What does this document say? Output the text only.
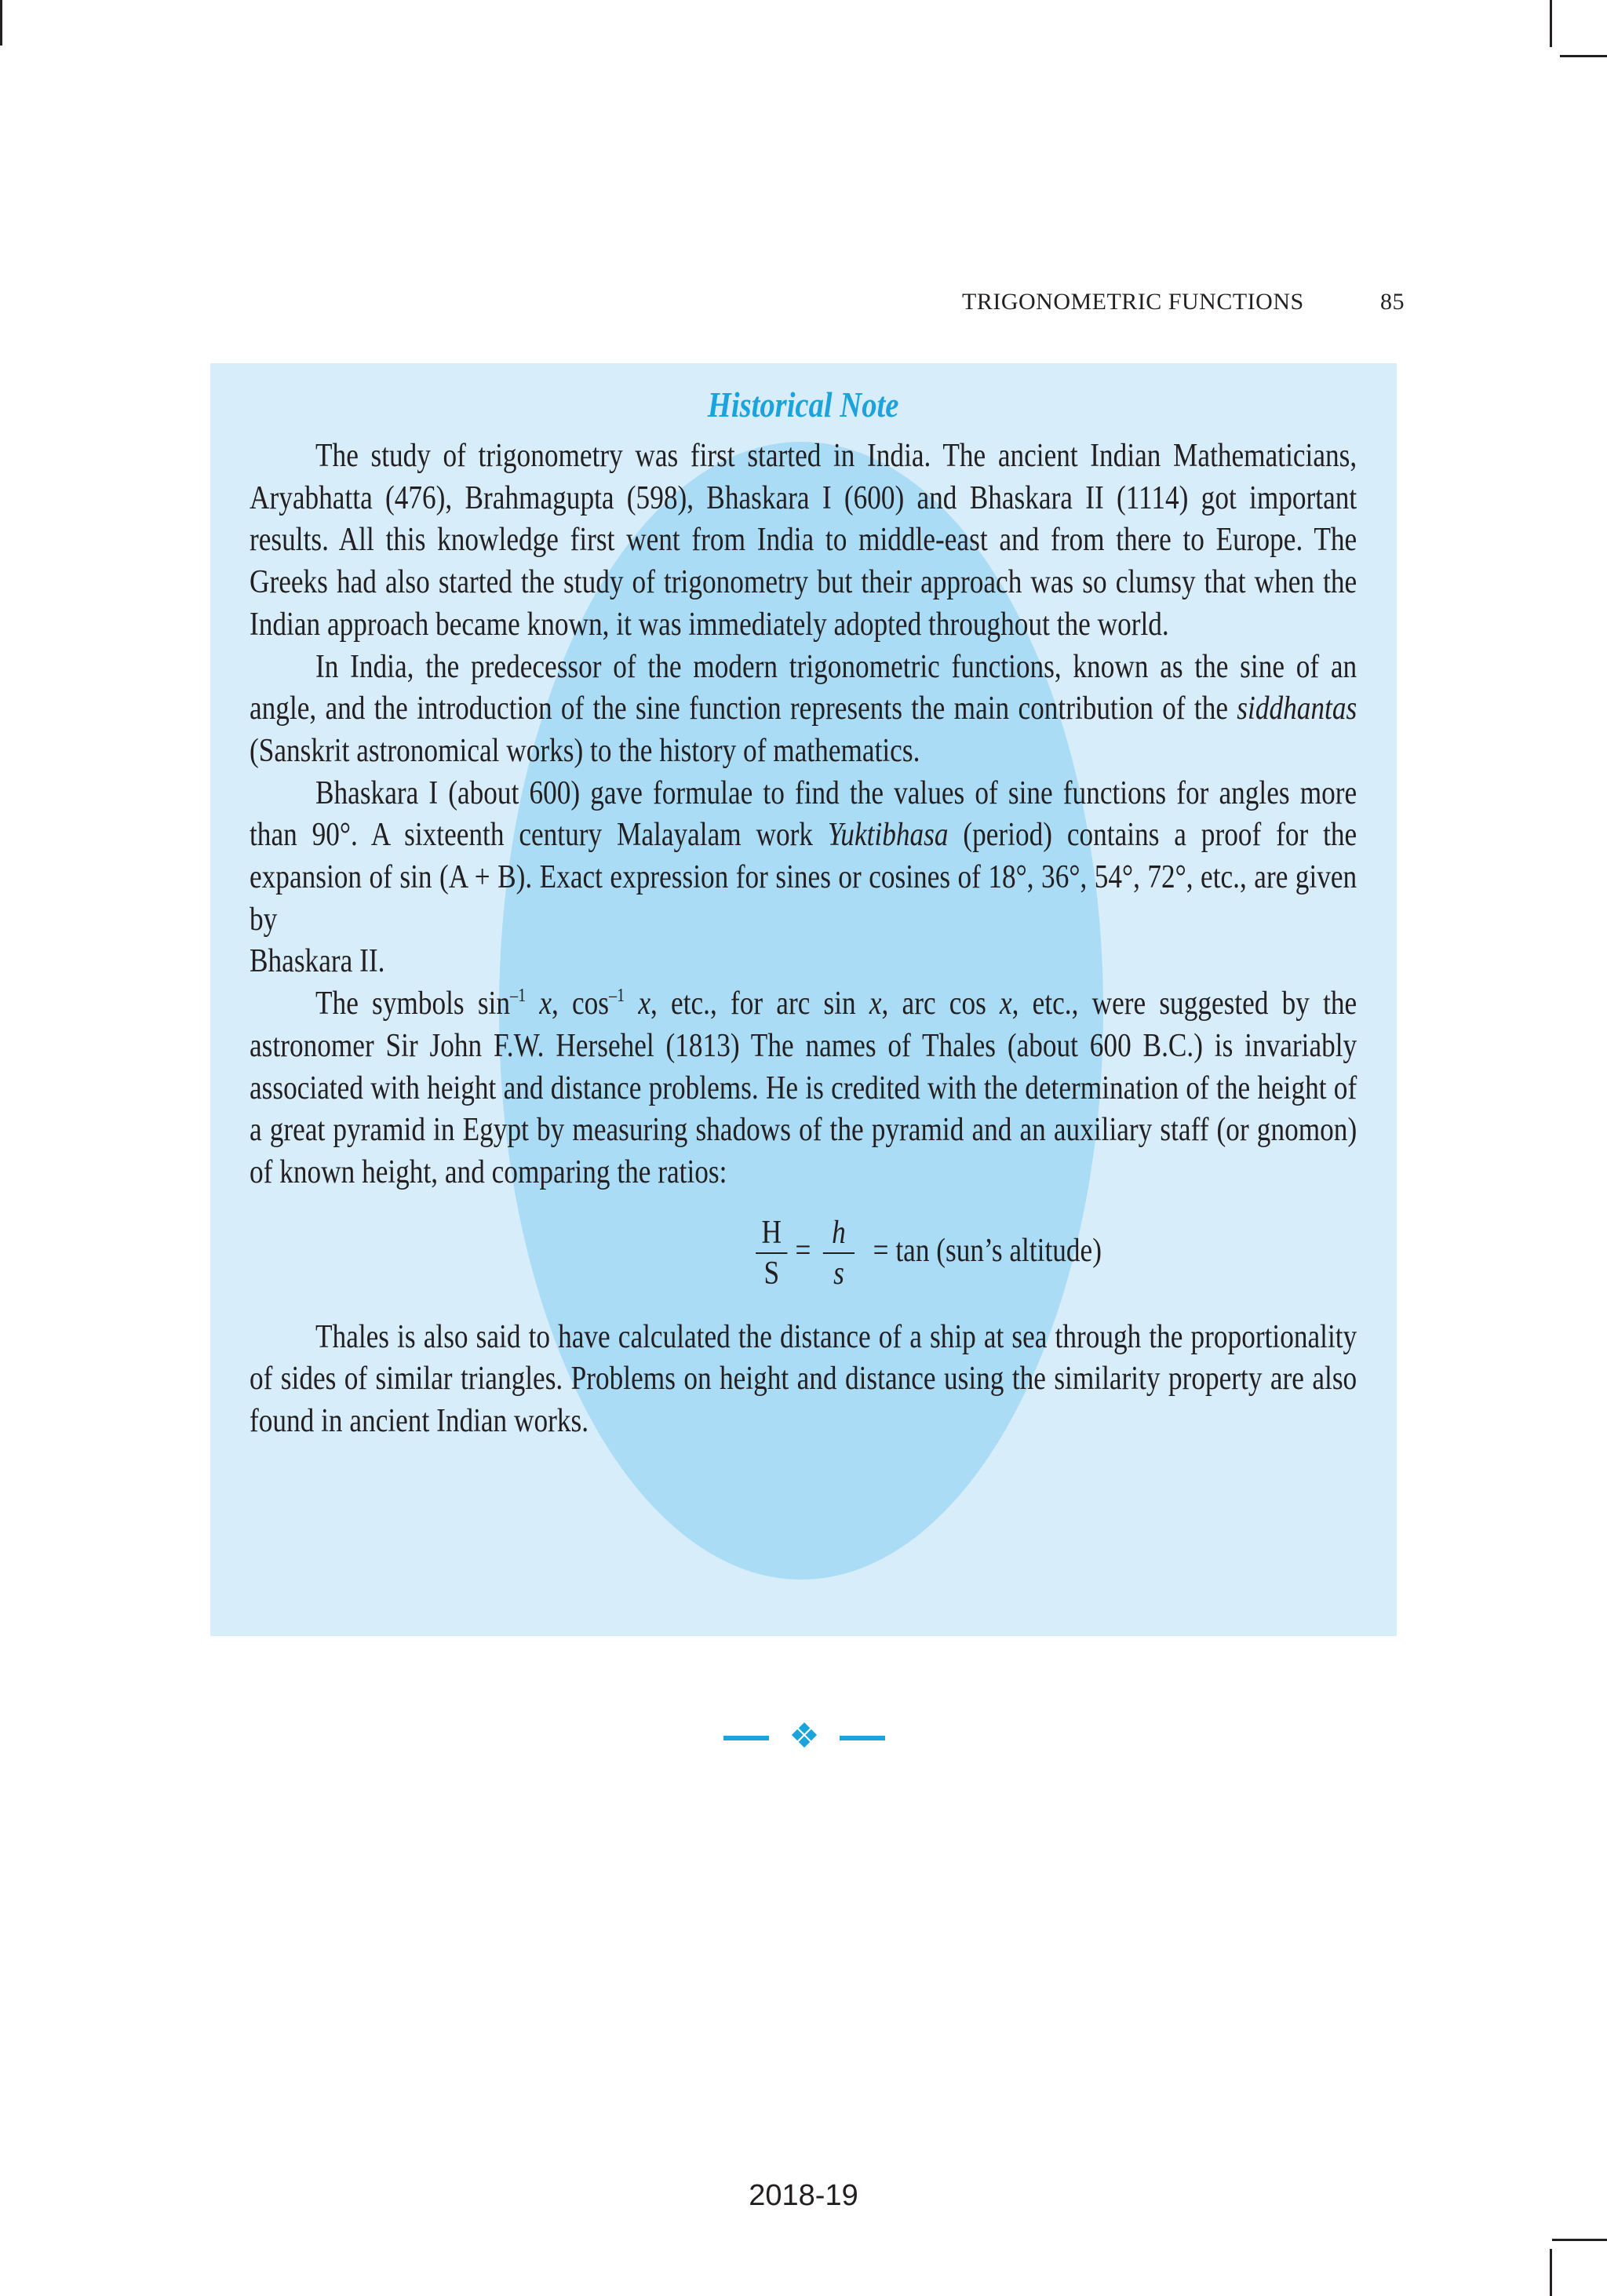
TRIGONOMETRIC FUNCTIONS	85
Historical Note

The study of trigonometry was first started in India. The ancient Indian Mathematicians, Aryabhatta (476), Brahmagupta (598), Bhaskara I (600) and Bhaskara II (1114) got important results. All this knowledge first went from India to middle-east and from there to Europe. The Greeks had also started the study of trigonometry but their approach was so clumsy that when the Indian approach became known, it was immediately adopted throughout the world.

In India, the predecessor of the modern trigonometric functions, known as the sine of an angle, and the introduction of the sine function represents the main contribution of the siddhantas (Sanskrit astronomical works) to the history of mathematics.

Bhaskara I (about 600) gave formulae to find the values of sine functions for angles more than 90°. A sixteenth century Malayalam work Yuktibhasa (period) contains a proof for the expansion of sin (A + B). Exact expression for sines or cosines of 18°, 36°, 54°, 72°, etc., are given by

Bhaskara II.

The symbols $\sin^{-1} x$, $\cos^{-1} x$, etc., for arc sin x, arc cos x, etc., were suggested by the astronomer Sir John F.W. Hersehel (1813) The names of Thales (about 600 B.C.) is invariably associated with height and distance problems. He is credited with the determination of the height of a great pyramid in Egypt by measuring shadows of the pyramid and an auxiliary staff (or gnomon) of known height, and comparing the ratios:

H
S
= h
s
= tan (sun’s altitude)

Thales is also said to have calculated the distance of a ship at sea through the proportionality of sides of similar triangles. Problems on height and distance using the similarity property are also found in ancient Indian works.

❖
2018-19
